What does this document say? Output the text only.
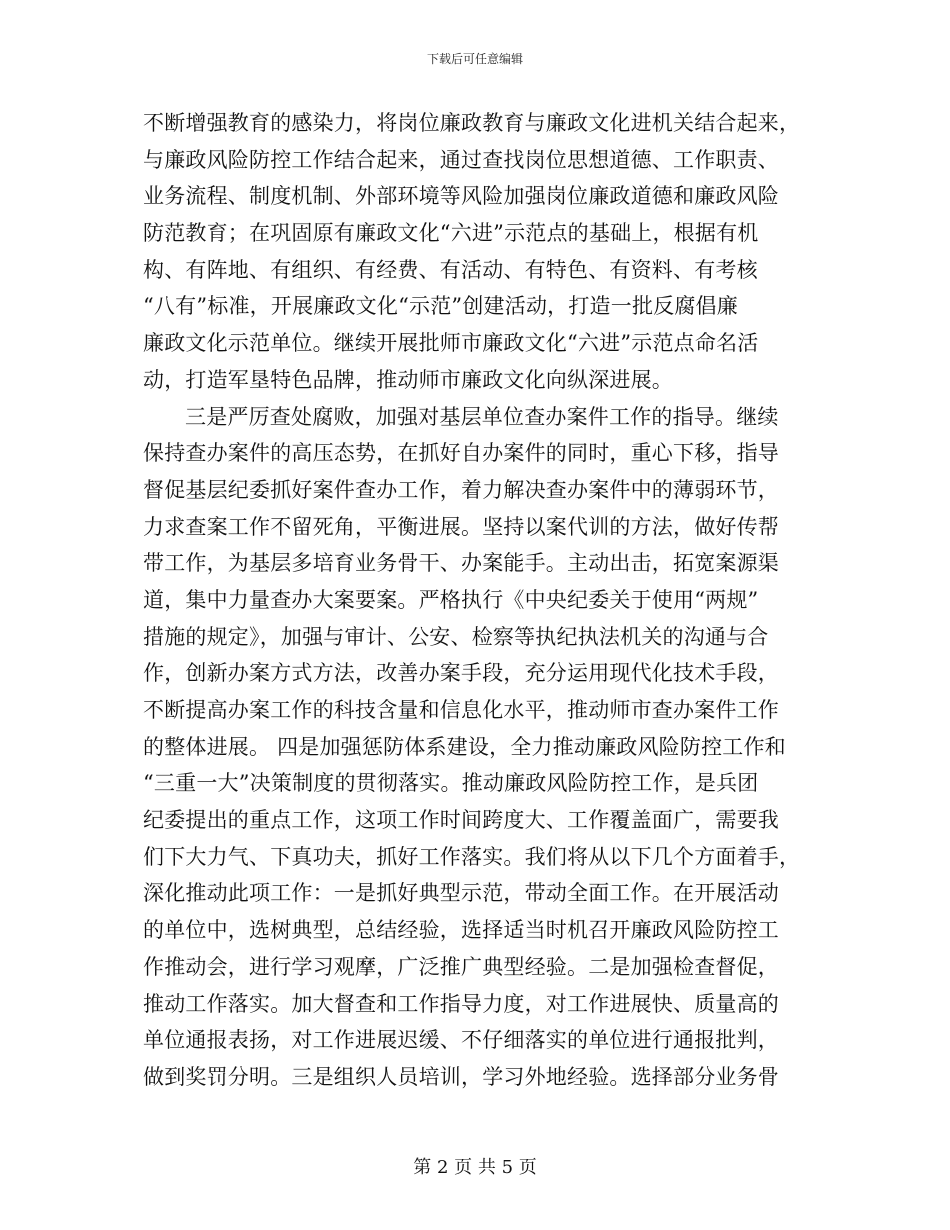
下载后可任意编辑
不断增强教育的感染力，将岗位廉政教育与廉政文化进机关结合起来，
与廉政风险防控工作结合起来，通过查找岗位思想道德、工作职责、
业务流程、制度机制、外部环境等风险加强岗位廉政道德和廉政风险
防范教育；在巩固原有廉政文化“六进”示范点的基础上，根据有机
构、有阵地、有组织、有经费、有活动、有特色、有资料、有考核
“八有”标准，开展廉政文化“示范”创建活动，打造一批反腐倡廉
廉政文化示范单位。继续开展批师市廉政文化“六进”示范点命名活
动，打造军垦特色品牌，推动师市廉政文化向纵深进展。
三是严厉查处腐败，加强对基层单位查办案件工作的指导。继续
保持查办案件的高压态势，在抓好自办案件的同时，重心下移，指导
督促基层纪委抓好案件查办工作，着力解决查办案件中的薄弱环节，
力求查案工作不留死角，平衡进展。坚持以案代训的方法，做好传帮
带工作，为基层多培育业务骨干、办案能手。主动出击，拓宽案源渠
道，集中力量查办大案要案。严格执行《中央纪委关于使用“两规”
措施的规定》，加强与审计、公安、检察等执纪执法机关的沟通与合
作，创新办案方式方法，改善办案手段，充分运用现代化技术手段，
不断提高办案工作的科技含量和信息化水平，推动师市查办案件工作
的整体进展。 四是加强惩防体系建设，全力推动廉政风险防控工作和
“三重一大”决策制度的贯彻落实。推动廉政风险防控工作，是兵团
纪委提出的重点工作，这项工作时间跨度大、工作覆盖面广，需要我
们下大力气、下真功夫，抓好工作落实。我们将从以下几个方面着手，
深化推动此项工作：一是抓好典型示范，带动全面工作。在开展活动
的单位中，选树典型，总结经验，选择适当时机召开廉政风险防控工
作推动会，进行学习观摩，广泛推广典型经验。二是加强检查督促，
推动工作落实。加大督查和工作指导力度，对工作进展快、质量高的
单位通报表扬，对工作进展迟缓、不仔细落实的单位进行通报批判，
做到奖罚分明。三是组织人员培训，学习外地经验。选择部分业务骨
第 2 页 共 5 页
